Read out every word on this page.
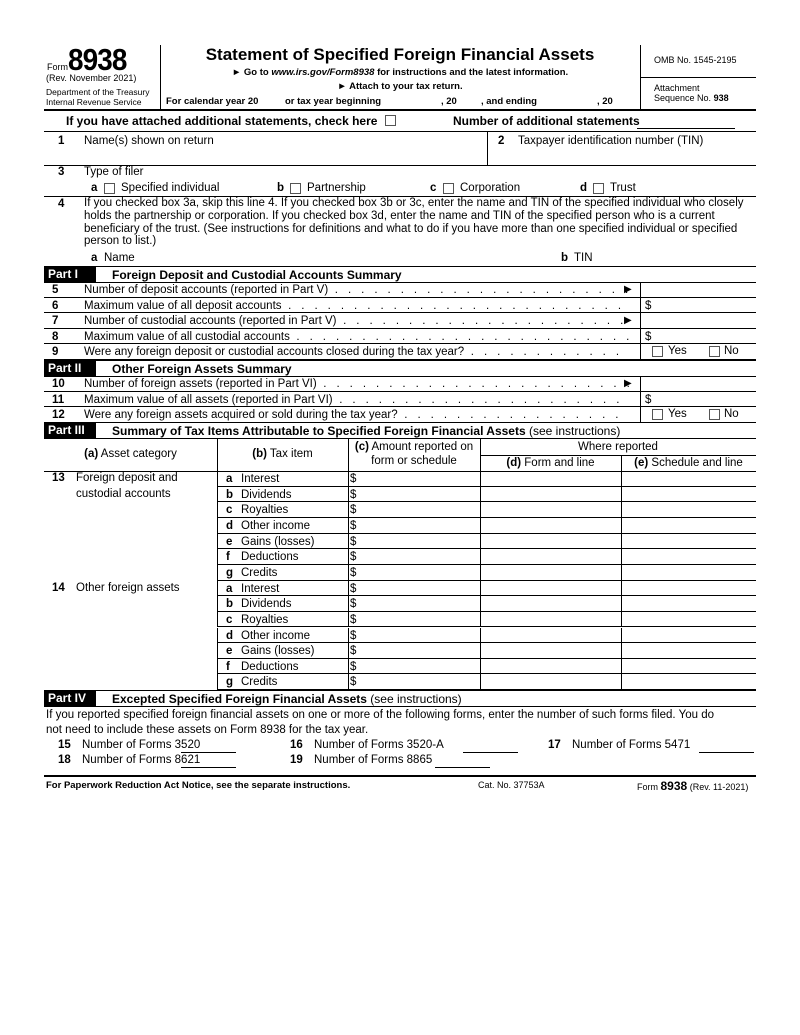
Form 8938
(Rev. November 2021)
Department of the Treasury
Internal Revenue Service
Statement of Specified Foreign Financial Assets
► Go to www.irs.gov/Form8938 for instructions and the latest information.
► Attach to your tax return.
For calendar year 20	or tax year beginning	, 20	, and ending	, 20
OMB No. 1545-2195
Attachment
Sequence No. 938
If you have attached additional statements, check here	Number of additional statements
1 Name(s) shown on return	2 Taxpayer identification number (TIN)
3 Type of filer
a Specified individual	b Partnership	c Corporation	d Trust
4 If you checked box 3a, skip this line 4. If you checked box 3b or 3c, enter the name and TIN of the specified individual who closely holds the partnership or corporation. If you checked box 3d, enter the name and TIN of the specified person who is a current beneficiary of the trust. (See instructions for definitions and what to do if you have more than one specified individual or specified person to list.)
a Name	b TIN
Part I	Foreign Deposit and Custodial Accounts Summary
5 Number of deposit accounts (reported in Part V) . . .	▶
6 Maximum value of all deposit accounts . . .	$
7 Number of custodial accounts (reported in Part V) . . .	▶
8 Maximum value of all custodial accounts . . .	$
9 Were any foreign deposit or custodial accounts closed during the tax year? . . .	Yes	No
Part II	Other Foreign Assets Summary
10 Number of foreign assets (reported in Part VI) . . .	▶
11 Maximum value of all assets (reported in Part VI) . . .	$
12 Were any foreign assets acquired or sold during the tax year? . . .	Yes	No
Part III	Summary of Tax Items Attributable to Specified Foreign Financial Assets (see instructions)
(a) Asset category	(b) Tax item
(c) Amount reported on
form or schedule
Where reported
(d) Form and line	(e) Schedule and line
13 Foreign deposit and
custodial accounts
a Interest	$
b Dividends	$
c Royalties	$
d Other income	$
e Gains (losses)	$
f Deductions	$
g Credits	$
14 Other foreign assets	a Interest	$
b Dividends	$
c Royalties	$
d Other income	$
e Gains (losses)	$
f Deductions	$
g Credits	$
Part IV	Excepted Specified Foreign Financial Assets (see instructions)
If you reported specified foreign financial assets on one or more of the following forms, enter the number of such forms filed. You do
not need to include these assets on Form 8938 for the tax year.
15 Number of Forms 3520	16 Number of Forms 3520-A	17 Number of Forms 5471
18 Number of Forms 8621	19 Number of Forms 8865
For Paperwork Reduction Act Notice, see the separate instructions.	Cat. No. 37753A	Form 8938 (Rev. 11-2021)
